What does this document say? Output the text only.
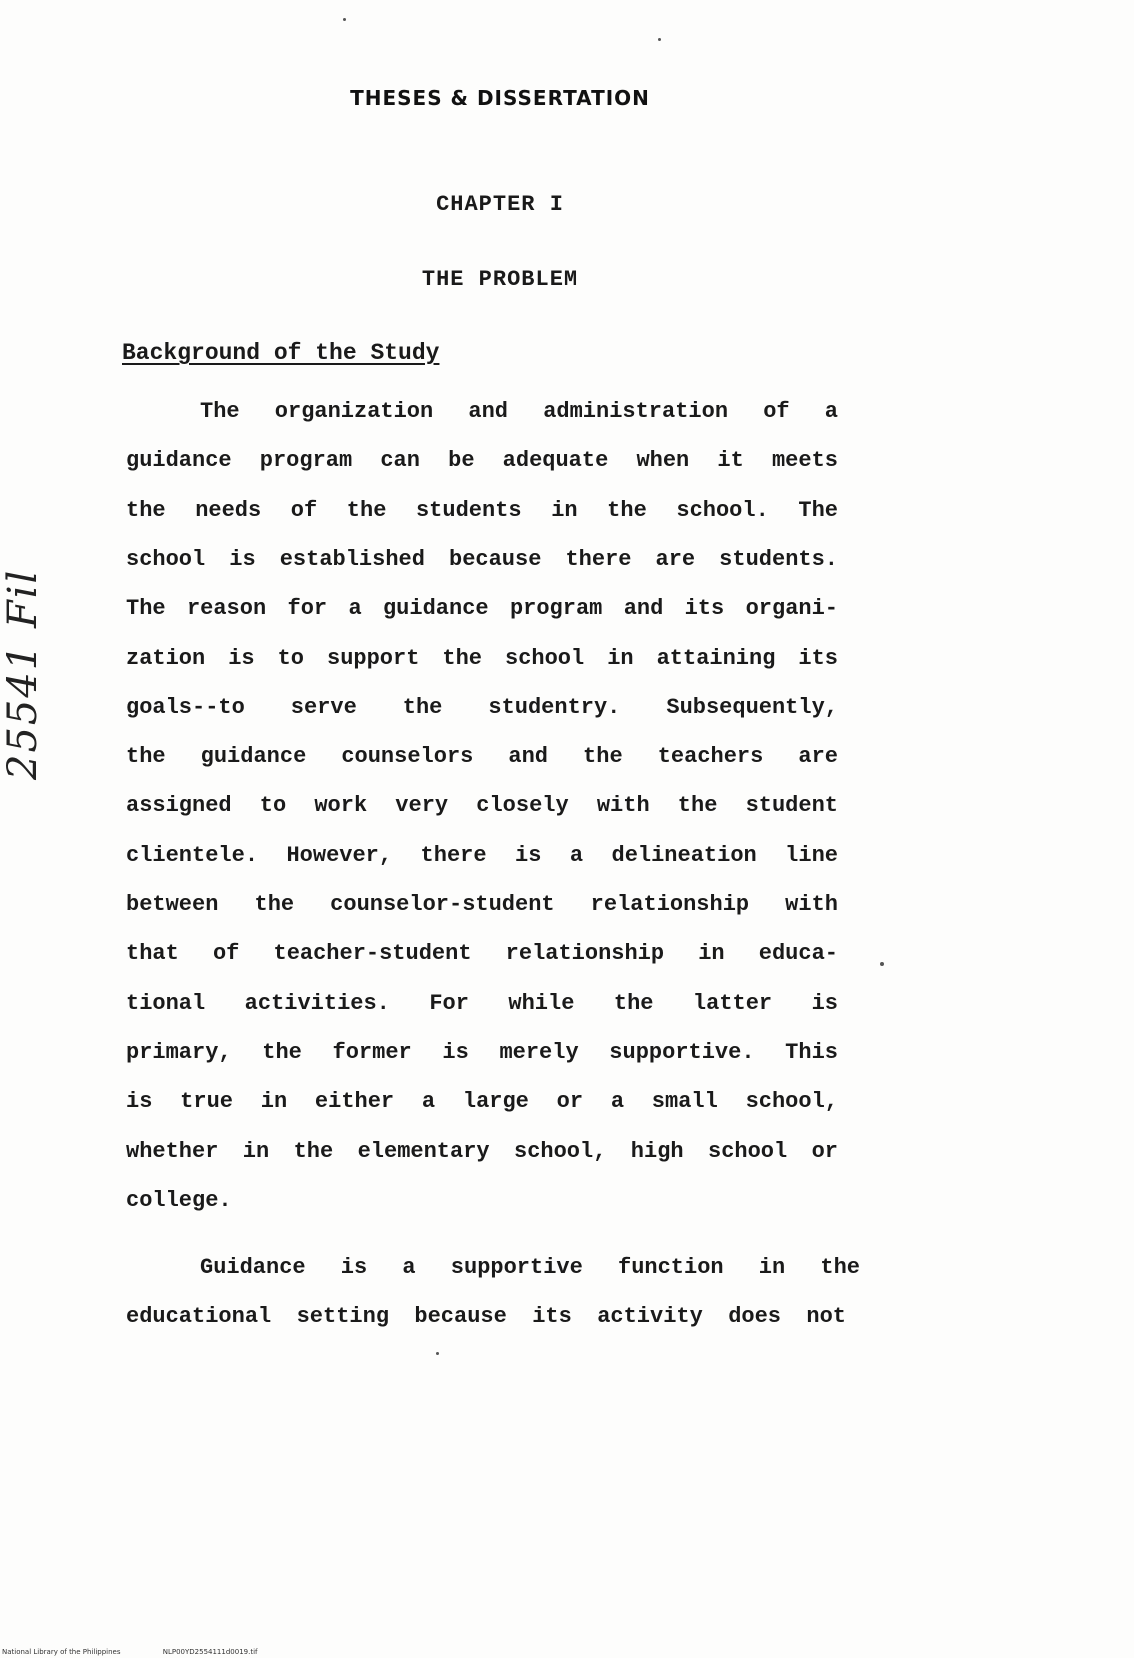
THESES & DISSERTATION
CHAPTER I
THE PROBLEM
Background of the Study
The organization and administration of a
guidance program can be adequate when it meets
the needs of the students in the school. The
school is established because there are students.
The reason for a guidance program and its organi-
zation is to support the school in attaining its
goals--to serve the studentry. Subsequently,
the guidance counselors and the teachers are
assigned to work very closely with the student
clientele. However, there is a delineation line
between the counselor-student relationship with
that of teacher-student relationship in educa-
tional activities. For while the latter is
primary, the former is merely supportive. This
is true in either a large or a small school,
whether in the elementary school, high school or
college.
Guidance is a supportive function in the
educational setting because its activity does not
25541 Fil
National Library of the Philippines	NLP00YD2554111d0019.tif
